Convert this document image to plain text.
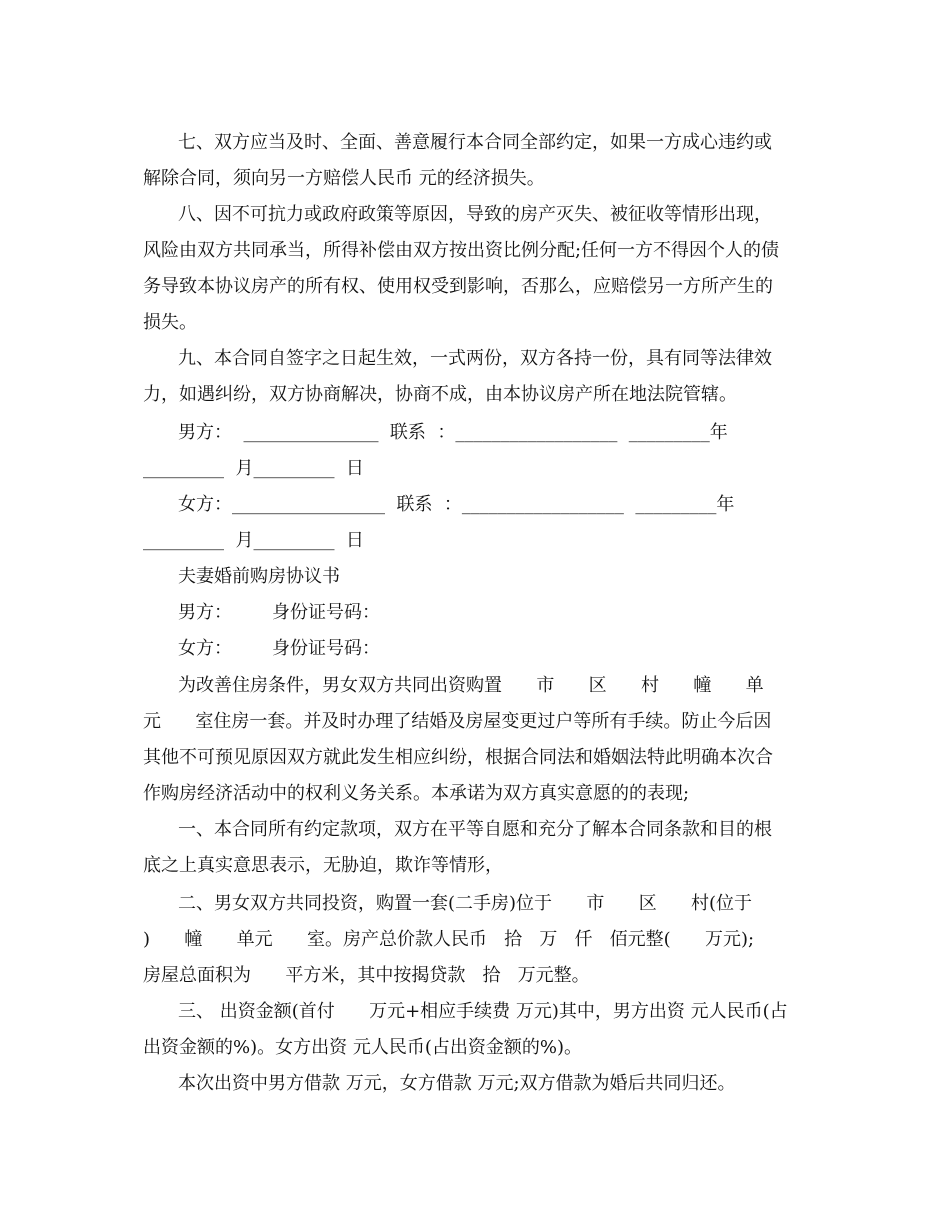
七、双方应当及时、全面、善意履行本合同全部约定，如果一方成心违约或
解除合同，须向另一方赔偿人民币 元的经济损失。
八、因不可抗力或政府政策等原因，导致的房产灭失、被征收等情形出现，
风险由双方共同承当，所得补偿由双方按出资比例分配;任何一方不得因个人的债
务导致本协议房产的所有权、使用权受到影响，否那么，应赔偿另一方所产生的
损失。
九、本合同自签字之日起生效，一式两份，双方各持一份，具有同等法律效
力，如遇纠纷，双方协商解决，协商不成，由本协议房产所在地法院管辖。
男方：  _______________  联系  ：__________________  _________年
_________  月_________  日
女方：_________________  联系  ：__________________  _________年
_________  月_________  日
夫妻婚前购房协议书
男方：       身份证号码：
女方：       身份证号码：
为改善住房条件，男女双方共同出资购置      市      区      村      幢      单
元      室住房一套。并及时办理了结婚及房屋变更过户等所有手续。防止今后因
其他不可预见原因双方就此发生相应纠纷，根据合同法和婚姻法特此明确本次合
作购房经济活动中的权利义务关系。本承诺为双方真实意愿的的表现;
一、本合同所有约定款项，双方在平等自愿和充分了解本合同条款和目的根
底之上真实意思表示，无胁迫，欺诈等情形，
二、男女双方共同投资，购置一套(二手房)位于      市      区      村(位于
)      幢      单元      室。房产总价款人民币   拾   万   仟   佰元整(      万元);
房屋总面积为      平方米，其中按揭贷款   拾   万元整。
三、 出资金额(首付      万元+相应手续费 万元)其中，男方出资 元人民币(占
出资金额的%)。女方出资 元人民币(占出资金额的%)。
本次出资中男方借款 万元，女方借款 万元;双方借款为婚后共同归还。
